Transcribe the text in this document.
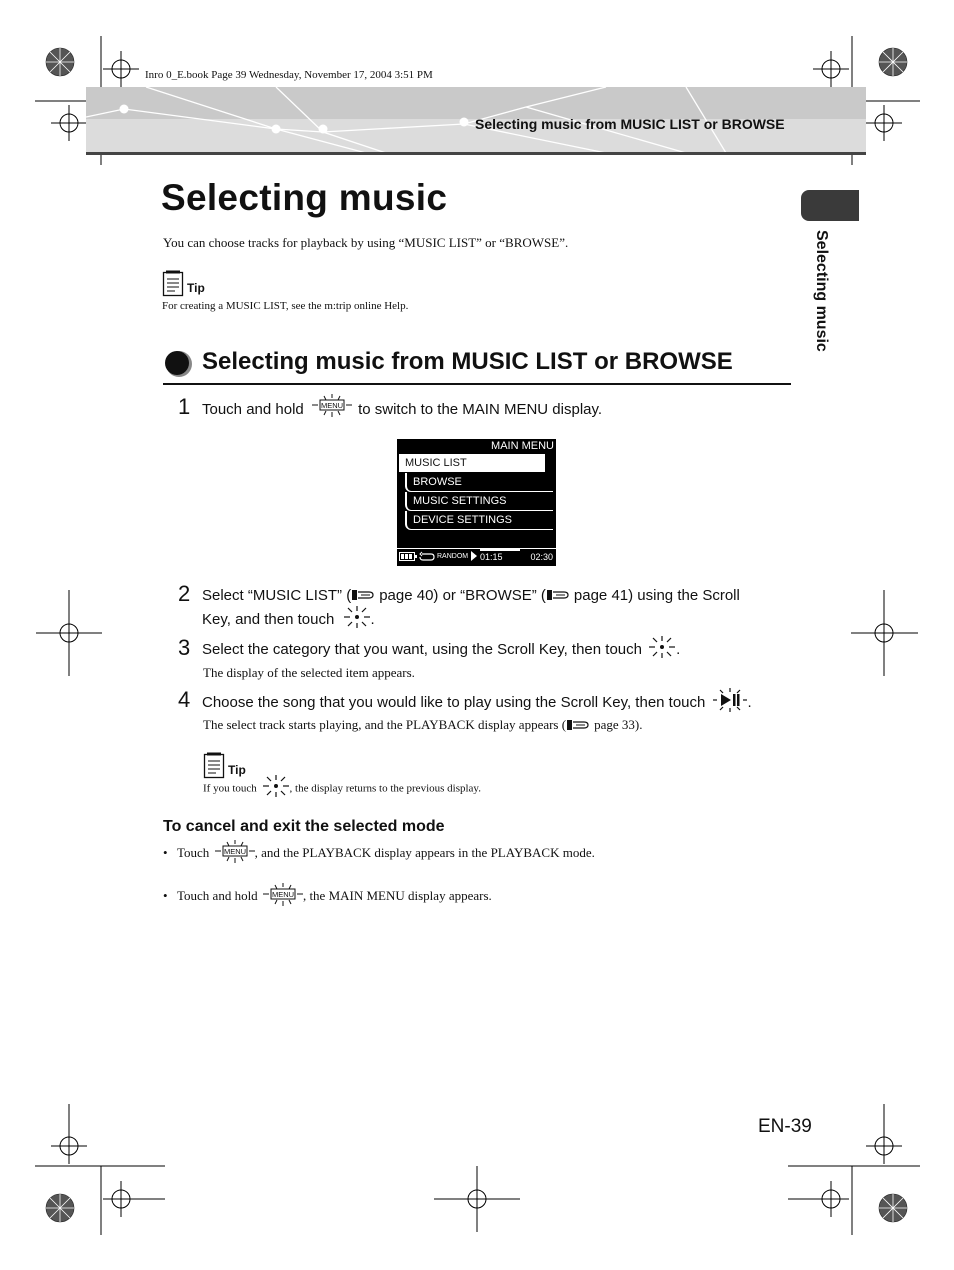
Inro 0_E.book Page 39 Wednesday, November 17, 2004 3:51 PM
Selecting music from MUSIC LIST or BROWSE
Selecting music
Selecting music
You can choose tracks for playback by using “MUSIC LIST” or “BROWSE”.
Tip
For creating a MUSIC LIST, see the m:trip online Help.
Selecting music from MUSIC LIST or BROWSE
1 Touch and hold MENU to switch to the MAIN MENU display.
MAIN MENU
MUSIC LIST
BROWSE
MUSIC SETTINGS
DEVICE SETTINGS
RANDOM 01:15	02:30
2 Select “MUSIC LIST” ( page 40) or “BROWSE” ( page 41) using the Scroll
Key, and then touch .
3 Select the category that you want, using the Scroll Key, then touch .
The display of the selected item appears.
4 Choose the song that you would like to play using the Scroll Key, then touch	.
The select track starts playing, and the PLAYBACK display appears ( page 33).
Tip
If you touch	, the display returns to the previous display.
To cancel and exit the selected mode
• Touch MENU , and the PLAYBACK display appears in the PLAYBACK mode.
• Touch and hold MENU , the MAIN MENU display appears.
EN-39
